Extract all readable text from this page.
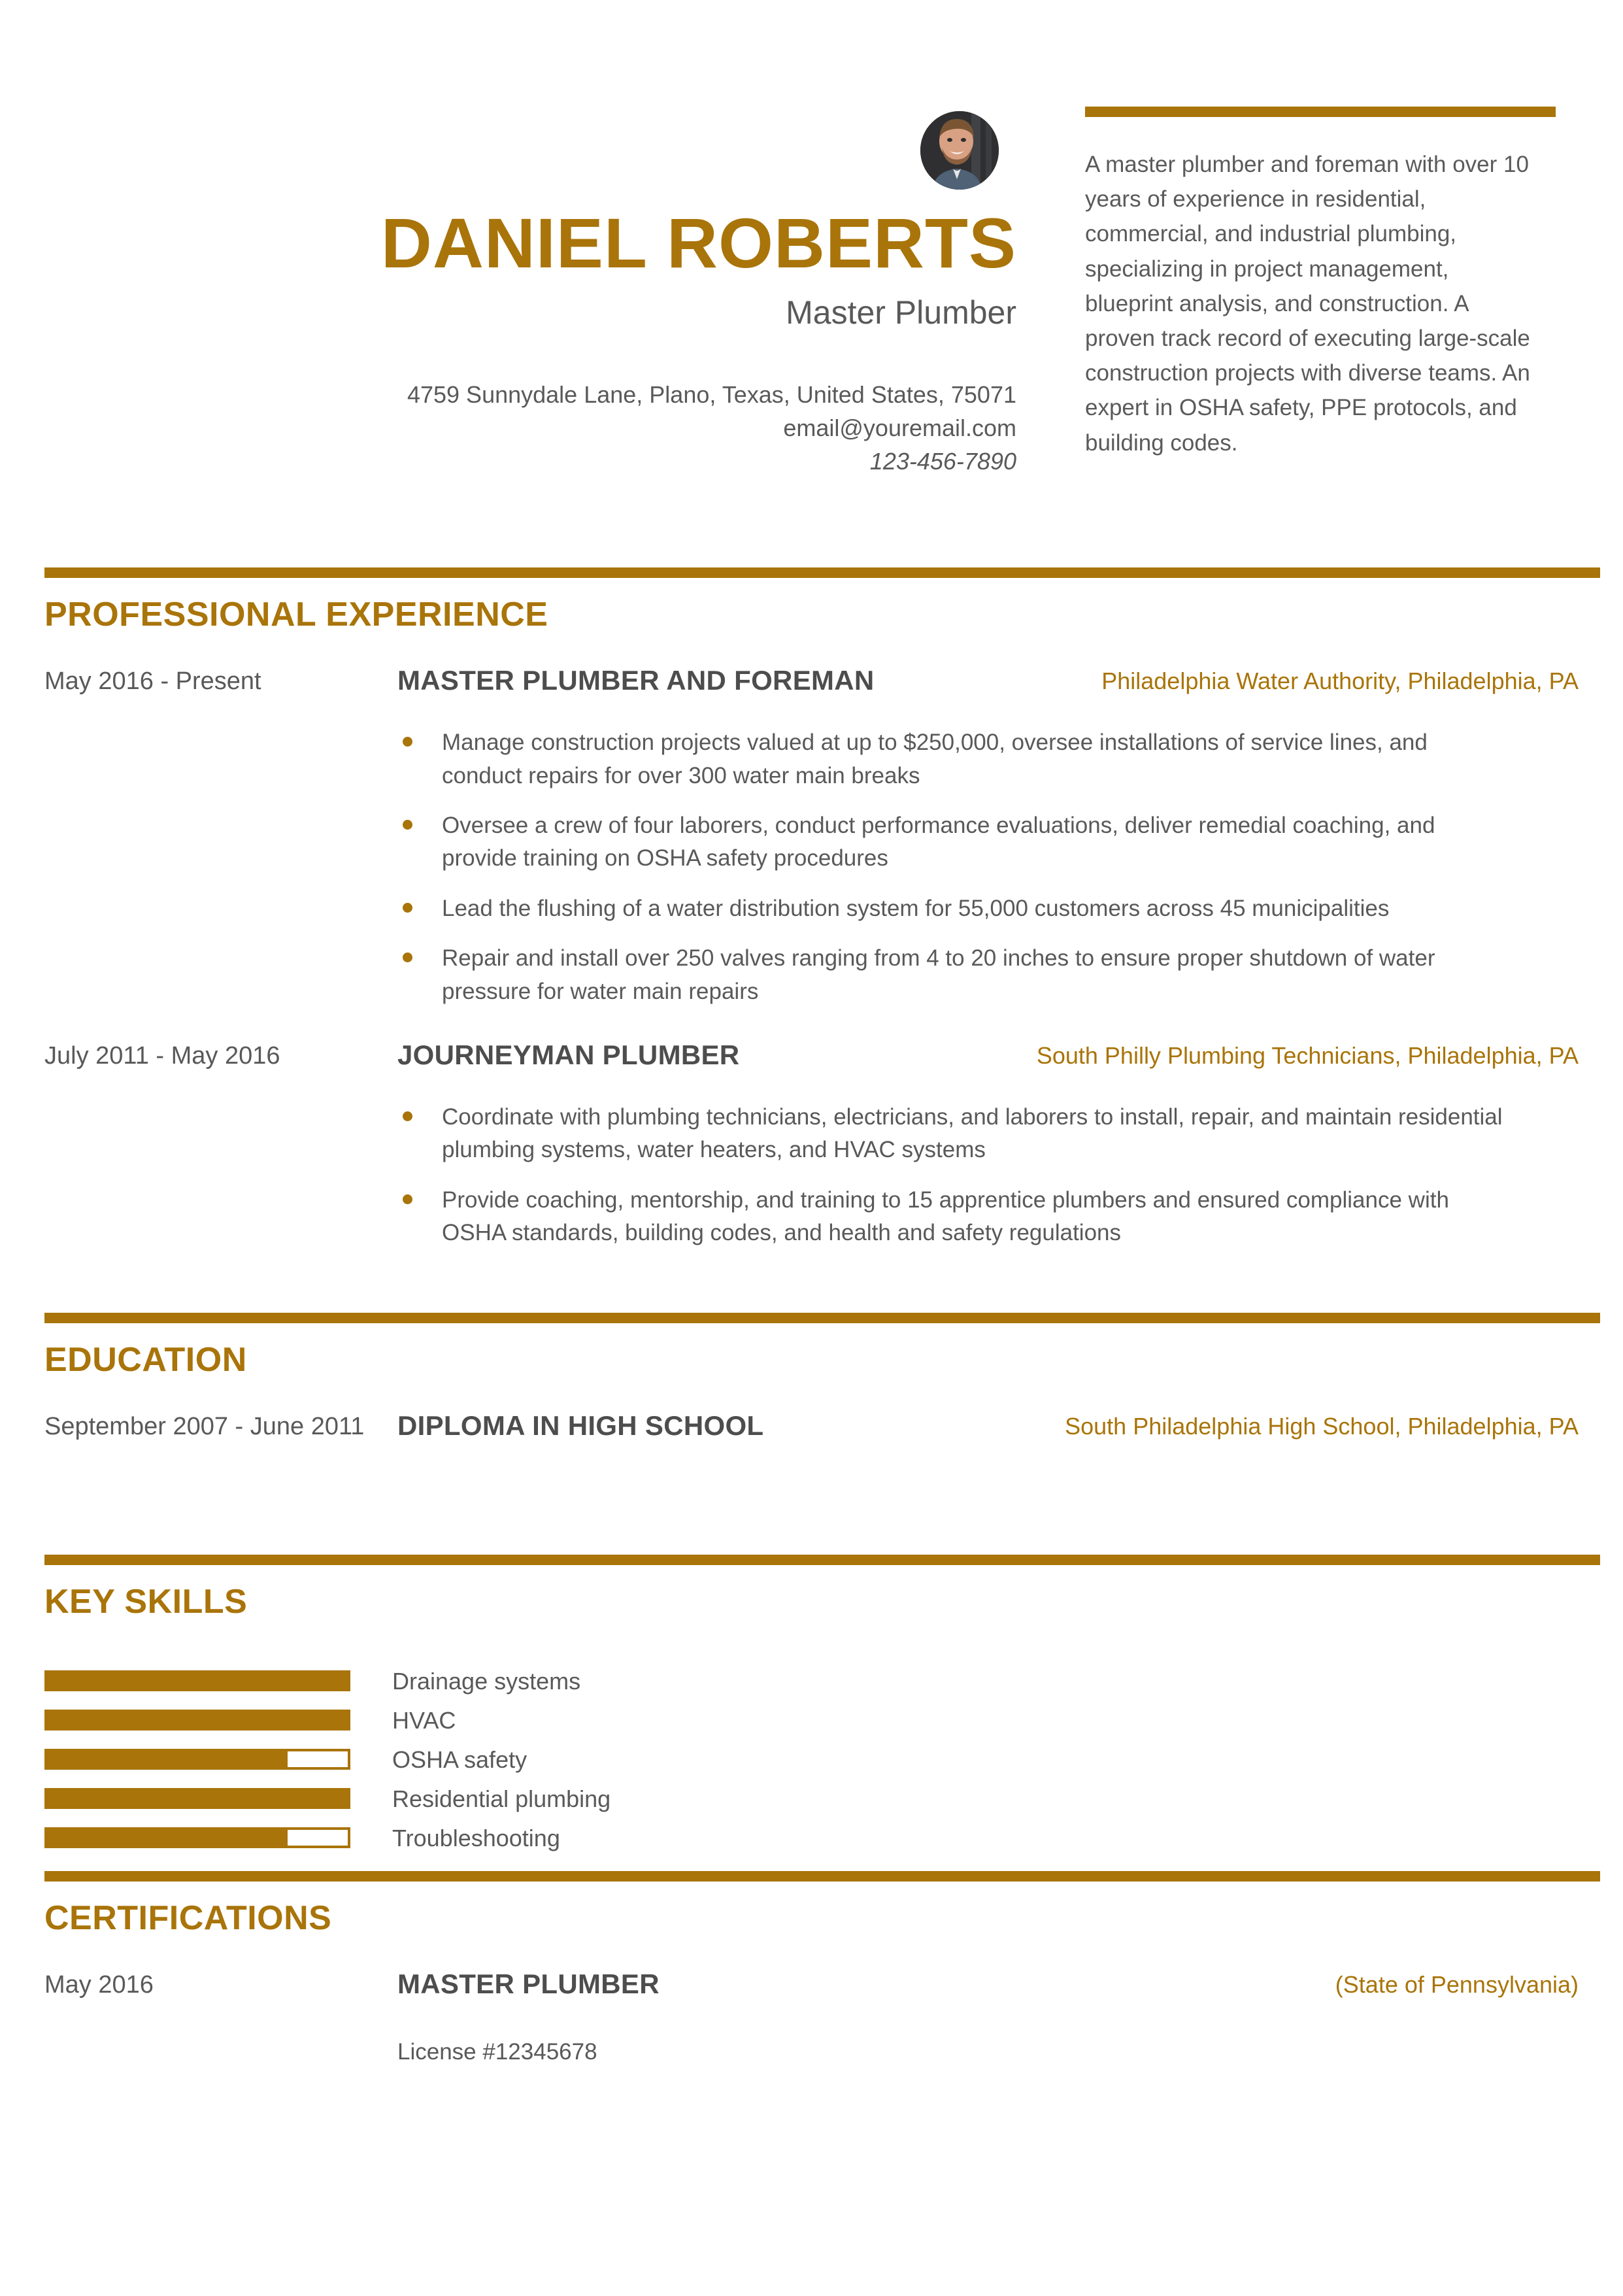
DANIEL ROBERTS
Master Plumber
4759 Sunnydale Lane, Plano, Texas, United States, 75071
email@youremail.com
123-456-7890
A master plumber and foreman with over 10 years of experience in residential, commercial, and industrial plumbing, specializing in project management, blueprint analysis, and construction. A proven track record of executing large-scale construction projects with diverse teams. An expert in OSHA safety, PPE protocols, and building codes.
PROFESSIONAL EXPERIENCE
May 2016 - Present	MASTER PLUMBER AND FOREMAN	Philadelphia Water Authority, Philadelphia, PA
Manage construction projects valued at up to $250,000, oversee installations of service lines, and conduct repairs for over 300 water main breaks
Oversee a crew of four laborers, conduct performance evaluations, deliver remedial coaching, and provide training on OSHA safety procedures
Lead the flushing of a water distribution system for 55,000 customers across 45 municipalities
Repair and install over 250 valves ranging from 4 to 20 inches to ensure proper shutdown of water pressure for water main repairs
July 2011 - May 2016	JOURNEYMAN PLUMBER	South Philly Plumbing Technicians, Philadelphia, PA
Coordinate with plumbing technicians, electricians, and laborers to install, repair, and maintain residential plumbing systems, water heaters, and HVAC systems
Provide coaching, mentorship, and training to 15 apprentice plumbers and ensured compliance with OSHA standards, building codes, and health and safety regulations
EDUCATION
September 2007 - June 2011	DIPLOMA IN HIGH SCHOOL	South Philadelphia High School, Philadelphia, PA
KEY SKILLS
Drainage systems
HVAC
OSHA safety
Residential plumbing
Troubleshooting
CERTIFICATIONS
May 2016	MASTER PLUMBER	(State of Pennsylvania)
License #12345678
